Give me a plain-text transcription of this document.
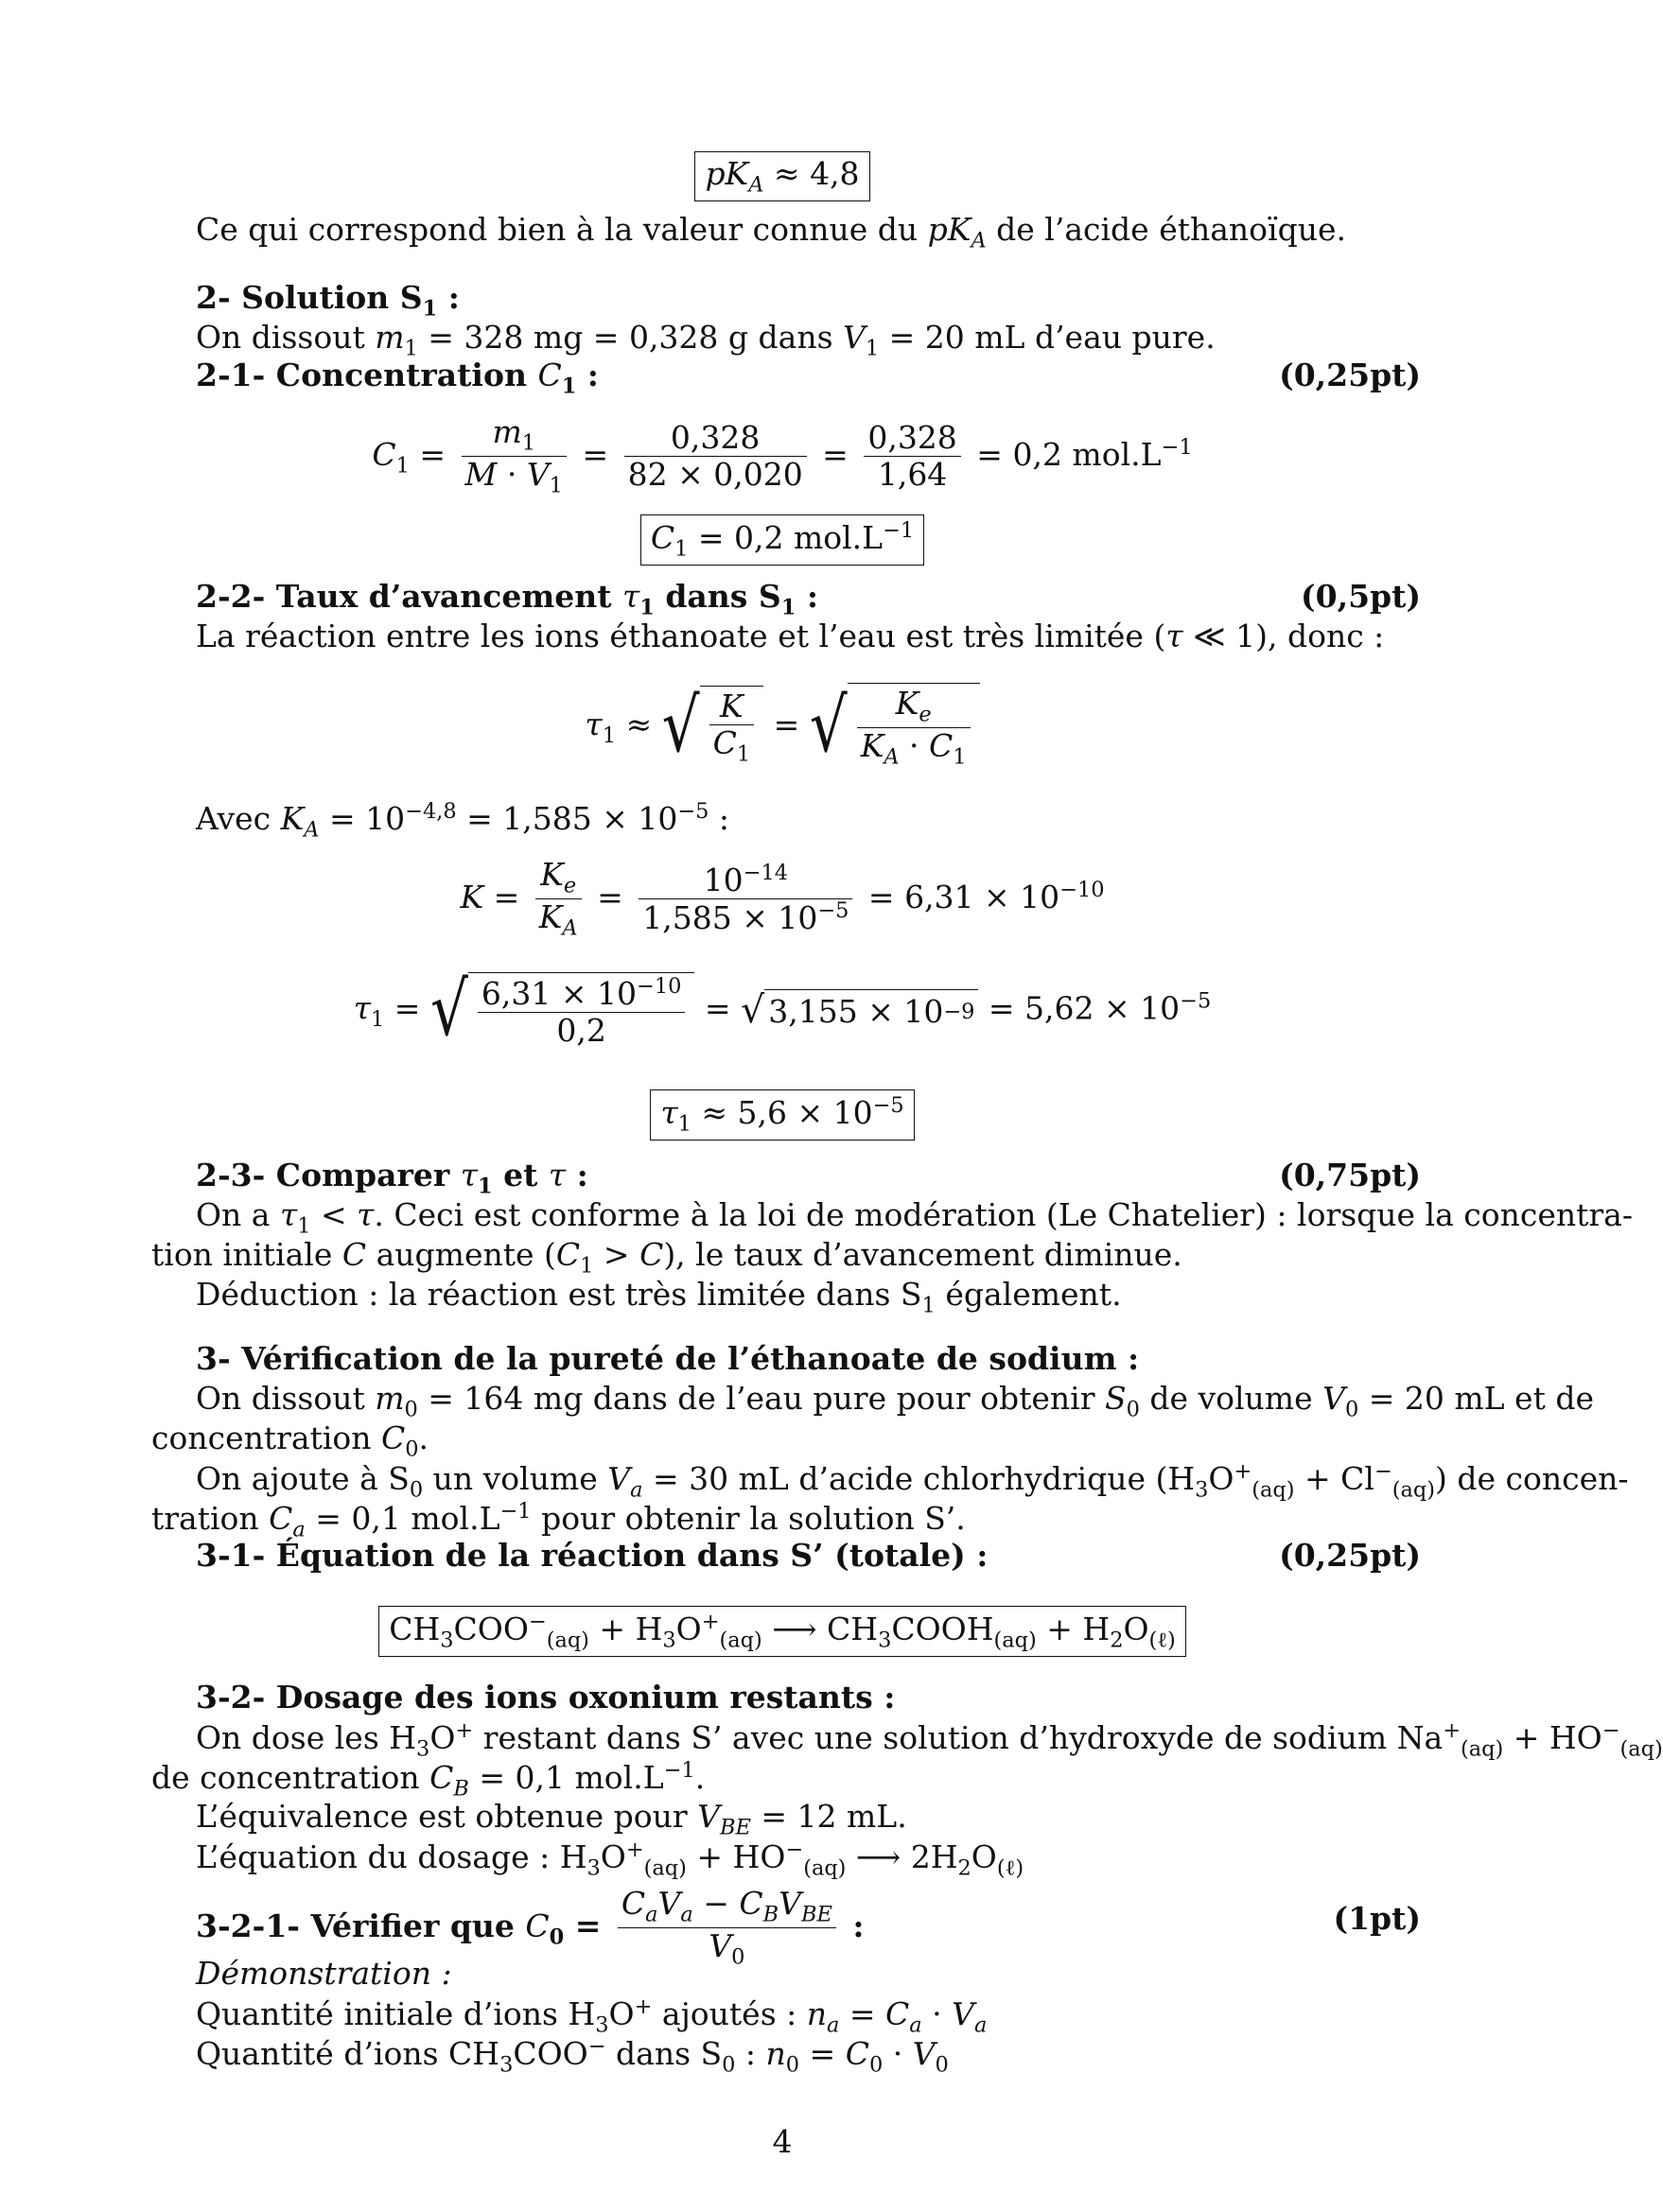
$pK_A \approx 4,8$
Ce qui correspond bien à la valeur connue du $pK_A$ de l’acide éthanoïque.
2- Solution $S_1$ :
On dissout $m_1 = 328$ mg = 0,328 g dans $V_1 = 20$ mL d’eau pure.
2-1- Concentration $C_1$ :	(0,25pt)
$C_1 = \frac{m_1}{M \cdot V_1} = \frac{0,328}{82 \times 0,020} = \frac{0,328}{1,64} = 0,2$ $mol.L^{-1}$
$C_1 = 0,2$ $mol.L^{-1}$
2-2- Taux d’avancement $\tau_1$ dans $S_1$ :	(0,5pt)
La réaction entre les ions éthanoate et l’eau est très limitée (τ ≪ 1), donc :
$\tau_1$ ≈ √ $\frac{K}{C_1}$ = √ $\frac{K_e}{K_A \cdot C_1}$
Avec $K_A = 10^{-4,8} = 1,585 \times 10^{-5}$ :
$K = \frac{K_e}{K_A} = \frac{10^{-14}}{1,585 \times 10^{-5}} = 6,31 \times 10^{-10}$
$\tau_1$ = √ $\frac{6,31 \times 10^{-10}}{0,2}$ = √ $3,155 \times 10 -9 = 5,62 \times 10^{-5}$
$\tau_1 \approx 5,6 \times 10^{-5}$
2-3- Comparer $\tau_1$ et τ :	(0,75pt)
On a $\tau_1 < \tau$. Ceci est conforme à la loi de modération (Le Chatelier) : lorsque la concentra-
tion initiale C augmente $(C_1 > C)$, le taux d’avancement diminue.
Déduction : la réaction est très limitée dans $S_1$ également.
3- Vérification de la pureté de l’éthanoate de sodium :
On dissout $m_0 = 164$ mg dans de l’eau pure pour obtenir $S_0$ de volume $V_0 = 20$ mL et de
concentration $C_0$.
On ajoute à $S_0$ un volume $V_a = 30$ mL d’acide chlorhydrique $(H_3O^+_{(aq)} + Cl^-_{(aq)})$ de concen-
tration $C_a = 0,1$ $mol.L^{-1}$ pour obtenir la solution S’.
3-1- Équation de la réaction dans S’ (totale) :	(0,25pt)
$CH_3COO^-_{(aq)} + H_3O^+_{(aq)}$ ⟶ $CH_3COOH_{(aq)} + H_2O_{(\ell)}$
3-2- Dosage des ions oxonium restants :
On dose les $H_3O^+$ restant dans S’ avec une solution d’hydroxyde de sodium $Na^+_{(aq)} + HO^-_{(aq)}$
de concentration $C_B = 0,1$ $mol.L^{-1}$.
L’équivalence est obtenue pour $V_{BE} = 12$ mL.
L’équation du dosage : $H_3O^+_{(aq)} + HO^-_{(aq)}$ ⟶ $2H_2O_{(\ell)}$
3-2-1- Vérifier que $C_0 = \frac{C_aV_a - C_BV_{BE}}{V_0}$ :	(1pt)
Démonstration :
Quantité initiale d’ions $H_3O^+$ ajoutés : $n_a = C_a \cdot V_a$
Quantité d’ions $CH_3COO^-$ dans $S_0$ : $n_0 = C_0 \cdot V_0$
4
